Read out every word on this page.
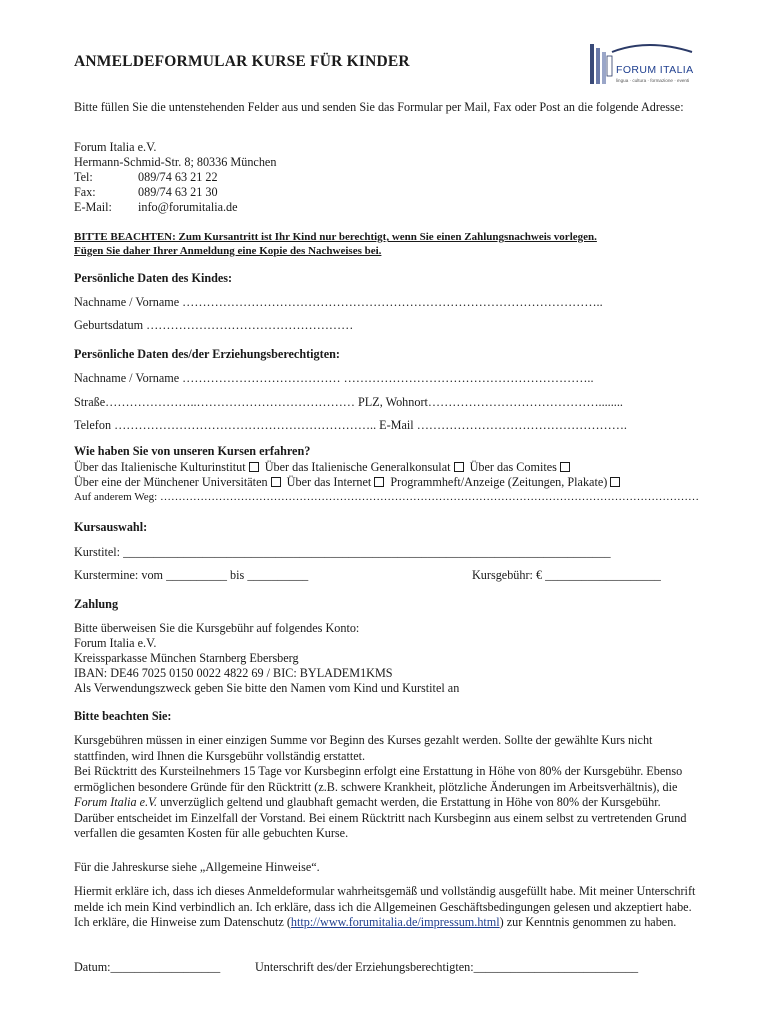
ANMELDEFORMULAR KURSE FÜR KINDER	FORUM ITALIA
lingua · cultura · formazione · eventi
Bitte füllen Sie die untenstehenden Felder aus und senden Sie das Formular per Mail, Fax oder Post an die folgende Adresse:
Forum Italia e.V.
Hermann-Schmid-Str. 8; 80336 München
Tel:	089/74 63 21 22
Fax:	089/74 63 21 30
E-Mail: info@forumitalia.de
BITTE BEACHTEN: Zum Kursantritt ist Ihr Kind nur berechtigt, wenn Sie einen Zahlungsnachweis vorlegen.
Fügen Sie daher Ihrer Anmeldung eine Kopie des Nachweises bei.
Persönliche Daten des Kindes:
Nachname / Vorname …………………………………………………………………………………………..
Geburtsdatum ……………………………………………
Persönliche Daten des/der Erziehungsberechtigten:
Nachname / Vorname ………………………………… ……………………………………………………..
Straße…………………..………………………………… PLZ, Wohnort……………………………………........
Telefon ……………………………………………………….. E-Mail …………………………………………….
Wie haben Sie von unseren Kursen erfahren?
Über das Italienische Kulturinstitut Über das Italienische Generalkonsulat Über das Comites
Über eine der Münchener Universitäten Über das Internet Programmheft/Anzeige (Zeitungen, Plakate)
Auf anderem Weg: …………………………………………………………………………………………………………………………………
Kursauswahl:
Kurstitel: ________________________________________________________________________________
Kurstermine: vom __________ bis __________	Kursgebühr: € ___________________
Zahlung
Bitte überweisen Sie die Kursgebühr auf folgendes Konto:
Forum Italia e.V.
Kreissparkasse München Starnberg Ebersberg
IBAN: DE46 7025 0150 0022 4822 69 / BIC: BYLADEM1KMS
Als Verwendungszweck geben Sie bitte den Namen vom Kind und Kurstitel an
Bitte beachten Sie:
Kursgebühren müssen in einer einzigen Summe vor Beginn des Kurses gezahlt werden. Sollte der gewählte Kurs nicht stattfinden, wird Ihnen die Kursgebühr vollständig erstattet.
Bei Rücktritt des Kursteilnehmers 15 Tage vor Kursbeginn erfolgt eine Erstattung in Höhe von 80% der Kursgebühr. Ebenso ermöglichen besondere Gründe für den Rücktritt (z.B. schwere Krankheit, plötzliche Änderungen im Arbeitsverhältnis), die Forum Italia e.V. unverzüglich geltend und glaubhaft gemacht werden, die Erstattung in Höhe von 80% der Kursgebühr. Darüber entscheidet im Einzelfall der Vorstand. Bei einem Rücktritt nach Kursbeginn aus einem selbst zu vertretenden Grund verfallen die gesamten Kosten für alle gebuchten Kurse.
Für die Jahreskurse siehe „Allgemeine Hinweise“.
Hiermit erkläre ich, dass ich dieses Anmeldeformular wahrheitsgemäß und vollständig ausgefüllt habe. Mit meiner Unterschrift melde ich mein Kind verbindlich an. Ich erkläre, dass ich die Allgemeinen Geschäftsbedingungen gelesen und akzeptiert habe. Ich erkläre, die Hinweise zum Datenschutz (http://www.forumitalia.de/impressum.html) zur Kenntnis genommen zu haben.
Datum:__________________	Unterschrift des/der Erziehungsberechtigten:___________________________
